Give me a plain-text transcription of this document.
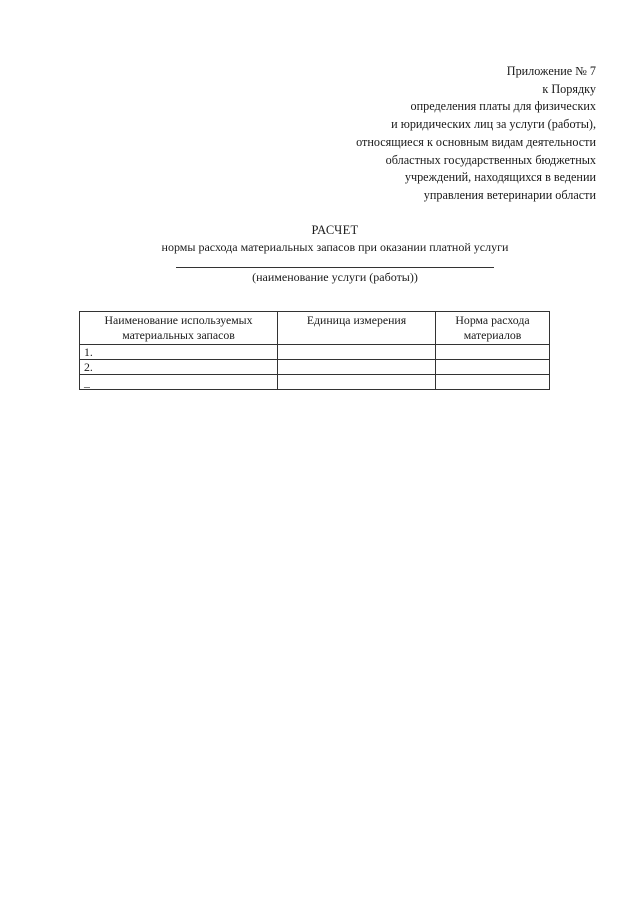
Приложение № 7
к Порядку
определения платы для физических
и юридических лиц за услуги (работы),
относящиеся к основным видам деятельности
областных государственных бюджетных
учреждений, находящихся в ведении
управления ветеринарии области
РАСЧЕТ
нормы расхода материальных запасов при оказании платной услуги
(наименование услуги (работы))
Наименование используемых материальных запасов	Единица измерения	Норма расхода материалов
1.		
2.		
_		
